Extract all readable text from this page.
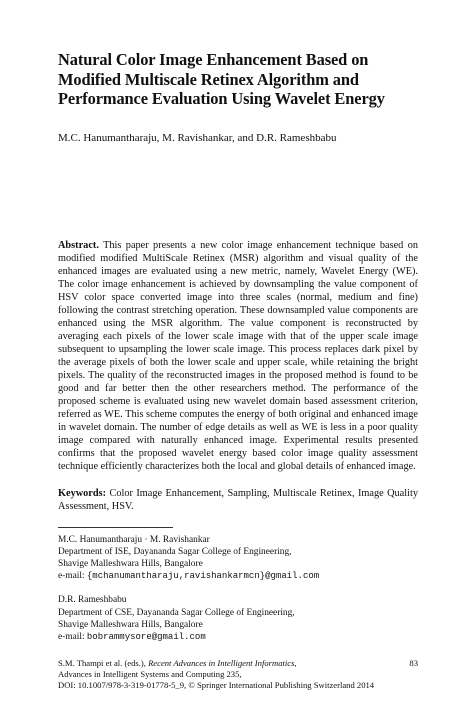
Natural Color Image Enhancement Based on
Modified Multiscale Retinex Algorithm and
Performance Evaluation Using Wavelet Energy
M.C. Hanumantharaju, M. Ravishankar, and D.R. Rameshbabu
Abstract. This paper presents a new color image enhancement technique based on modified modified MultiScale Retinex (MSR) algorithm and visual quality of the enhanced images are evaluated using a new metric, namely, Wavelet Energy (WE). The color image enhancement is achieved by downsampling the value component of HSV color space converted image into three scales (normal, medium and fine) following the contrast stretching operation. These downsampled value components are enhanced using the MSR algorithm. The value component is reconstructed by averaging each pixels of the lower scale image with that of the upper scale image subsequent to upsampling the lower scale image. This process replaces dark pixel by the average pixels of both the lower scale and upper scale, while retaining the bright pixels. The quality of the reconstructed images in the proposed method is found to be good and far better then the other researchers method. The performance of the proposed scheme is evaluated using new wavelet domain based assessment criterion, referred as WE. This scheme computes the energy of both original and enhanced image in wavelet domain. The number of edge details as well as WE is less in a poor quality image compared with naturally enhanced image. Experimental results presented confirms that the proposed wavelet energy based color image quality assessment technique efficiently characterizes both the local and global details of enhanced image.
Keywords: Color Image Enhancement, Sampling, Multiscale Retinex, Image Quality Assessment, HSV.
M.C. Hanumantharaju · M. Ravishankar
Department of ISE, Dayananda Sagar College of Engineering,
Shavige Malleshwara Hills, Bangalore
e-mail: {mchanumantharaju,ravishankarmcn}@gmail.com
D.R. Rameshbabu
Department of CSE, Dayananda Sagar College of Engineering,
Shavige Malleshwara Hills, Bangalore
e-mail: bobrammysore@gmail.com
83
S.M. Thampi et al. (eds.), Recent Advances in Intelligent Informatics,
Advances in Intelligent Systems and Computing 235,
DOI: 10.1007/978-3-319-01778-5_9, © Springer International Publishing Switzerland 2014
